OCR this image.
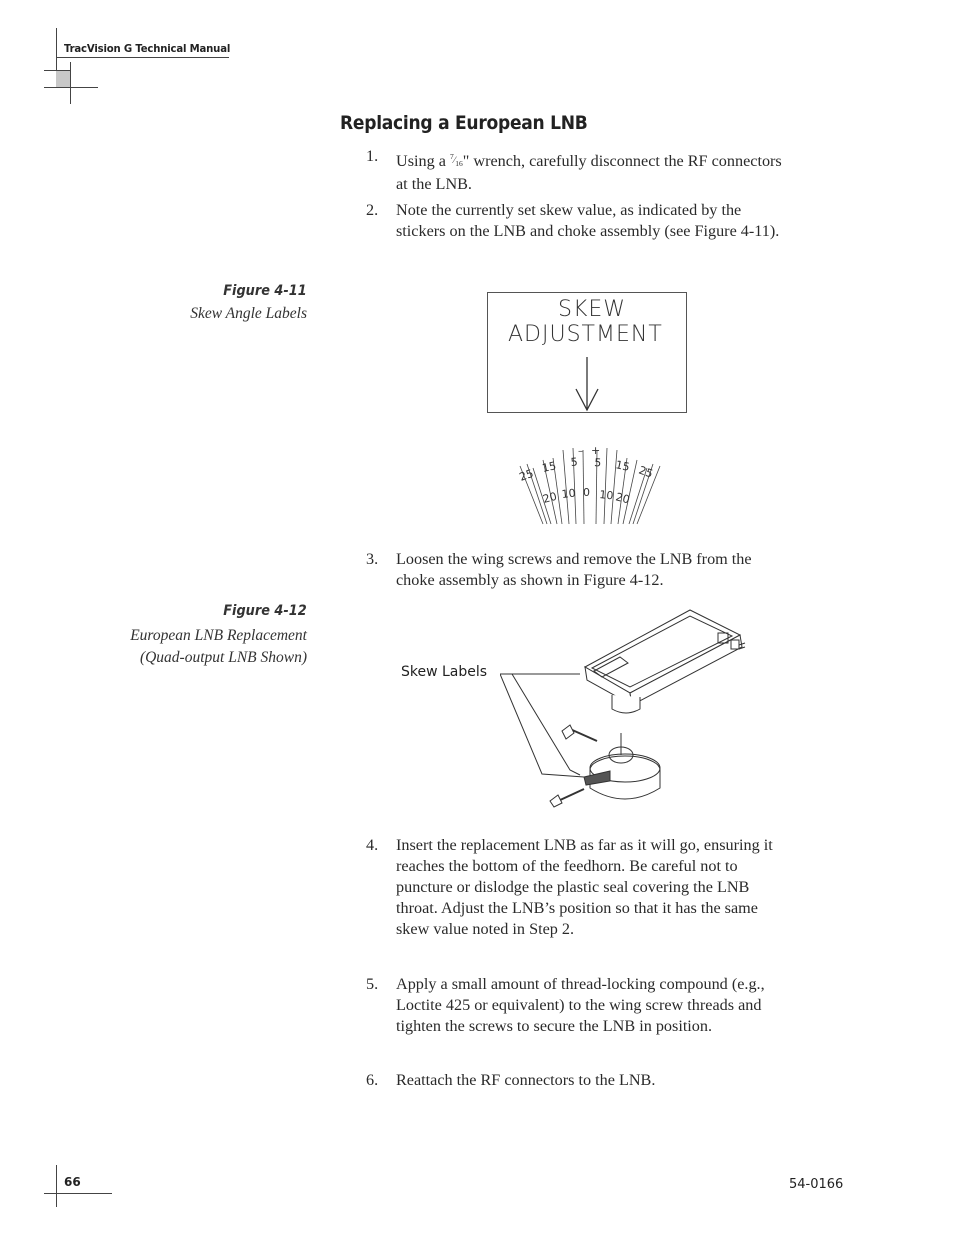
TracVision G Technical Manual
Replacing a European LNB
1. Using a $^7⁄_{16}$" wrench, carefully disconnect the RF connectors at the LNB.
2. Note the currently set skew value, as indicated by the stickers on the LNB and choke assembly (see Figure 4-11).
Figure 4-11
Skew Angle Labels	SKEW
ADJUSTMENT
– +
25 15 5 5 15 25
20 10 0 10 20
3. Loosen the wing screws and remove the LNB from the choke assembly as shown in Figure 4-12.
Figure 4-12
European LNB Replacement
(Quad-output LNB Shown)
Skew Labels
4. Insert the replacement LNB as far as it will go, ensuring it reaches the bottom of the feedhorn. Be careful not to puncture or dislodge the plastic seal covering the LNB throat. Adjust the LNB’s position so that it has the same skew value noted in Step 2.
5. Apply a small amount of thread-locking compound (e.g., Loctite 425 or equivalent) to the wing screw threads and tighten the screws to secure the LNB in position.
6. Reattach the RF connectors to the LNB.
66	54-0166
